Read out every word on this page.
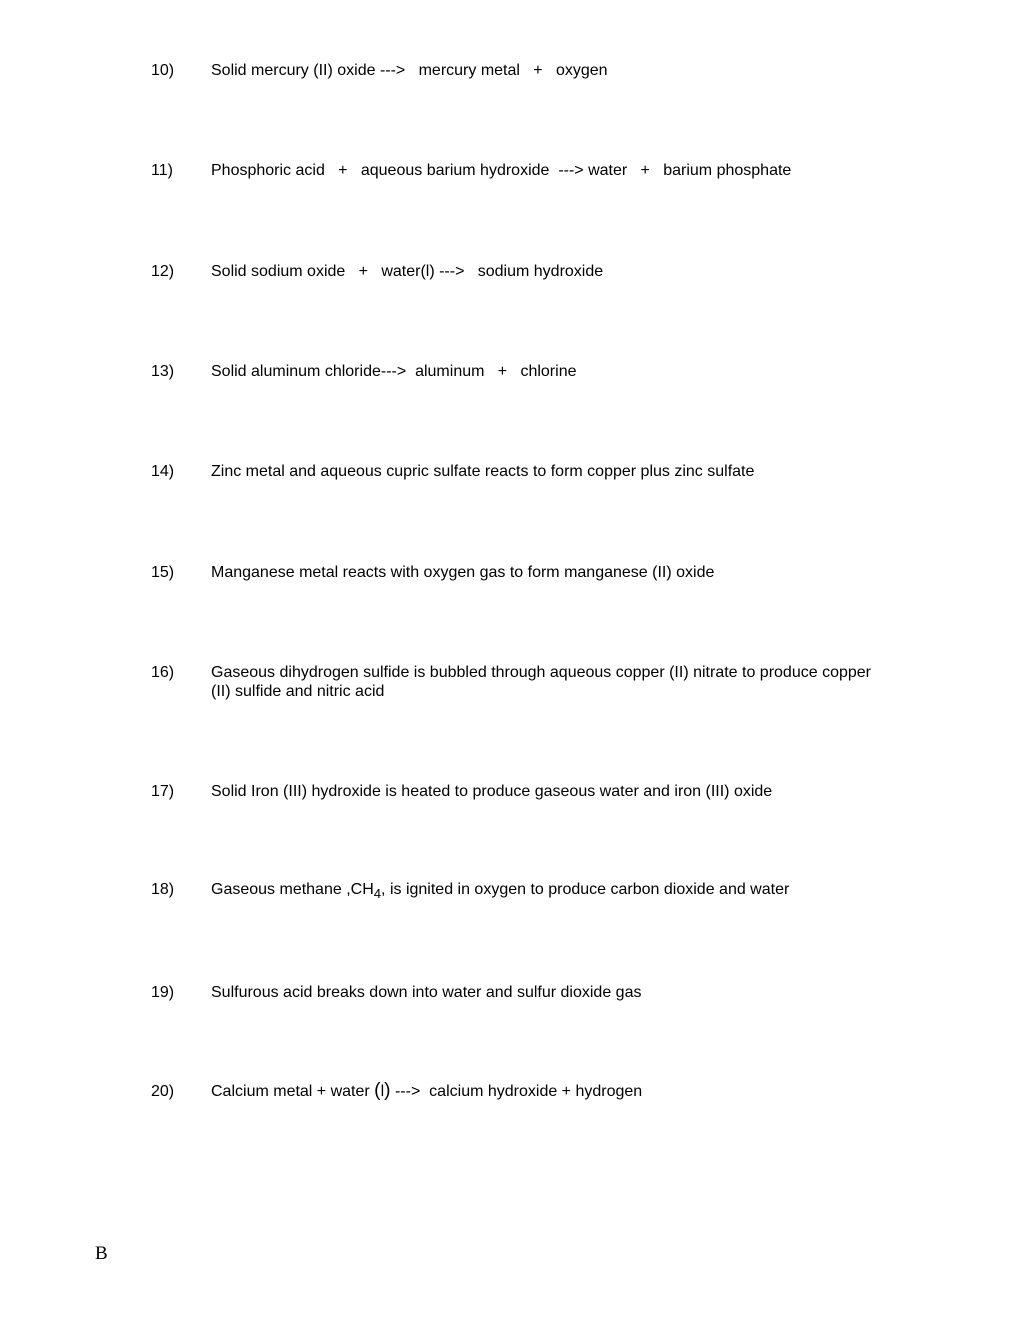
10)	Solid mercury (II) oxide --->   mercury metal   +   oxygen
11)	Phosphoric acid   +   aqueous barium hydroxide  ---> water   +   barium phosphate
12)	Solid sodium oxide   +   water(l) --->   sodium hydroxide
13)	Solid aluminum chloride--->  aluminum   +   chlorine
14)	Zinc metal and aqueous cupric sulfate reacts to form copper plus zinc sulfate
15)	Manganese metal reacts with oxygen gas to form manganese (II) oxide
16)	Gaseous dihydrogen sulfide is bubbled through aqueous copper (II) nitrate to produce copper (II) sulfide and nitric acid
17)	Solid Iron (III) hydroxide is heated to produce gaseous water and iron (III) oxide
18)	Gaseous methane $,CH_4$, is ignited in oxygen to produce carbon dioxide and water
19)	Sulfurous acid breaks down into water and sulfur dioxide gas
20)	Calcium metal + water (l) --->  calcium hydroxide + hydrogen
B
